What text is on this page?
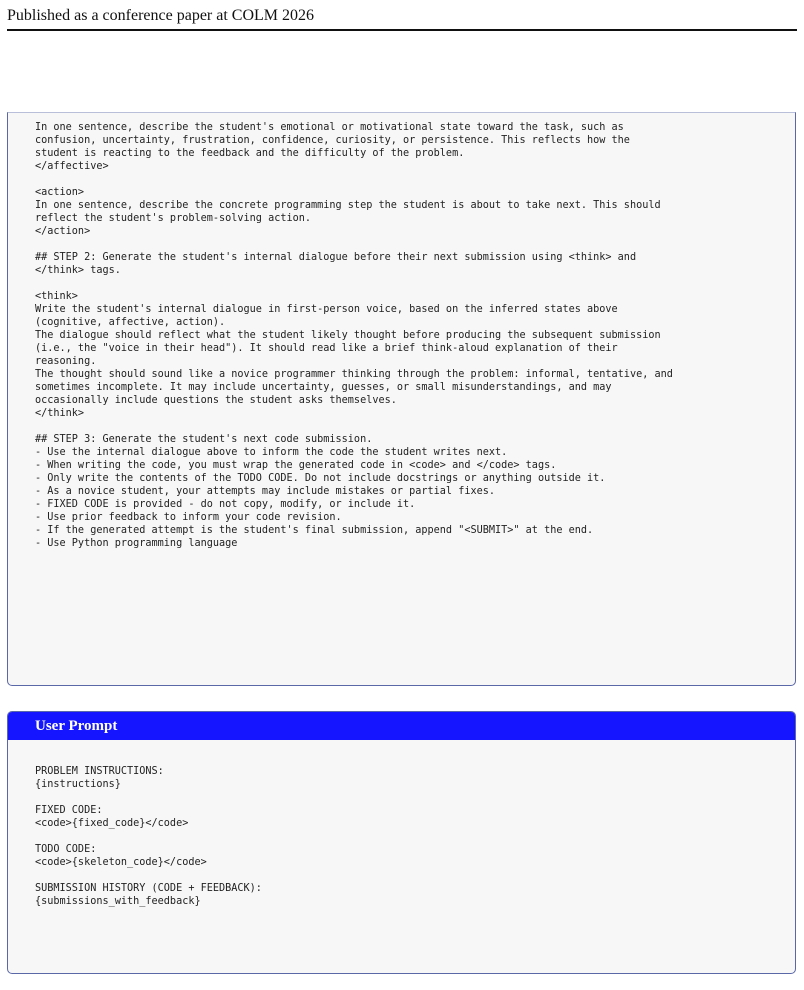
Published as a conference paper at COLM 2026
In one sentence, describe the student's emotional or motivational state toward the task, such as
confusion, uncertainty, frustration, confidence, curiosity, or persistence. This reflects how the
student is reacting to the feedback and the difficulty of the problem.
</affective>
<action>
In one sentence, describe the concrete programming step the student is about to take next. This should
reflect the student's problem-solving action.
</action>
## STEP 2: Generate the student's internal dialogue before their next submission using <think> and
</think> tags.
<think>
Write the student's internal dialogue in first-person voice, based on the inferred states above
(cognitive, affective, action).
The dialogue should reflect what the student likely thought before producing the subsequent submission
(i.e., the "voice in their head"). It should read like a brief think-aloud explanation of their
reasoning.
The thought should sound like a novice programmer thinking through the problem: informal, tentative, and
sometimes incomplete. It may include uncertainty, guesses, or small misunderstandings, and may
occasionally include questions the student asks themselves.
</think>
## STEP 3: Generate the student's next code submission.
- Use the internal dialogue above to inform the code the student writes next.
- When writing the code, you must wrap the generated code in <code> and </code> tags.
- Only write the contents of the TODO CODE. Do not include docstrings or anything outside it.
- As a novice student, your attempts may include mistakes or partial fixes.
- FIXED CODE is provided - do not copy, modify, or include it.
- Use prior feedback to inform your code revision.
- If the generated attempt is the student's final submission, append "<SUBMIT>" at the end.
- Use Python programming language
User Prompt
PROBLEM INSTRUCTIONS:
{instructions}
FIXED CODE:
<code>{fixed_code}</code>
TODO CODE:
<code>{skeleton_code}</code>
SUBMISSION HISTORY (CODE + FEEDBACK):
{submissions_with_feedback}
